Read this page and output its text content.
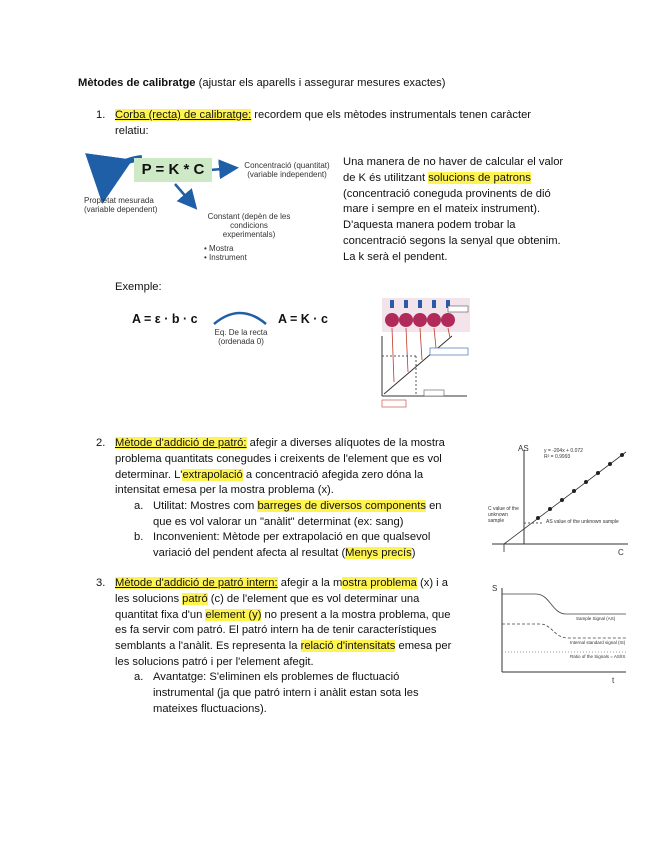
Mètodes de calibratge (ajustar els aparells i assegurar mesures exactes)

1. Corba (recta) de calibratge: recordem que els mètodes instrumentals tenen caràcter

relatiu:

P = K * C	Concentració (quantitat)
(variable independent)
Propietat mesurada
(variable dependent)
Constant (depèn de les
condicions
experimentals)
• Mostra
• Instrument

Una manera de no haver de calcular el valor

de K és utilitzant solucions de patrons

(concentració coneguda provinents de dió

mare i sempre en el mateix instrument).

D'aquesta manera podem trobar la

concentració segons la senyal que obtenim.

La k serà el pendent.

Exemple:

A = ε · b · c
Eq. De la recta
(ordenada 0)
A = K · c
2. Mètode d'addició de patró: afegir a diverses alíquotes de la mostra

problema quantitats conegudes i creixents de l'element que es vol

determinar. L'extrapolació a concentració afegida zero dóna la

intensitat emesa per la mostra problema (x).

a. Utilitat: Mostres com barreges de diversos components en

que es vol valorar un "anàlit" determinat (ex: sang)

b. Inconvenient: Mètode per extrapolació en que qualsevol

variació del pendent afecta al resultat (Menys precís)

AS
C
y = -204x + 0.072
R² = 0.9993
C value of the unknown sample	AS value of the unknown sample
3. Mètode d'addició de patró intern: afegir a la mostra problema (x) i a

les solucions patró (c) de l'element que es vol determinar una

quantitat fixa d'un element (y) no present a la mostra problema, que

es fa servir com patró. El patró intern ha de tenir característiques

semblants a l'anàlit. Es representa la relació d'intensitats emesa per

les solucions patró i per l'element afegit.

a. Avantatge: S'eliminen els problemes de fluctuació

instrumental (ja que patró intern i anàlit estan sota les

mateixes fluctuacions).

S
t
Sample Signal (AS)
Internal standard signal (IS)
Ratio of the Signals = AS/IS
